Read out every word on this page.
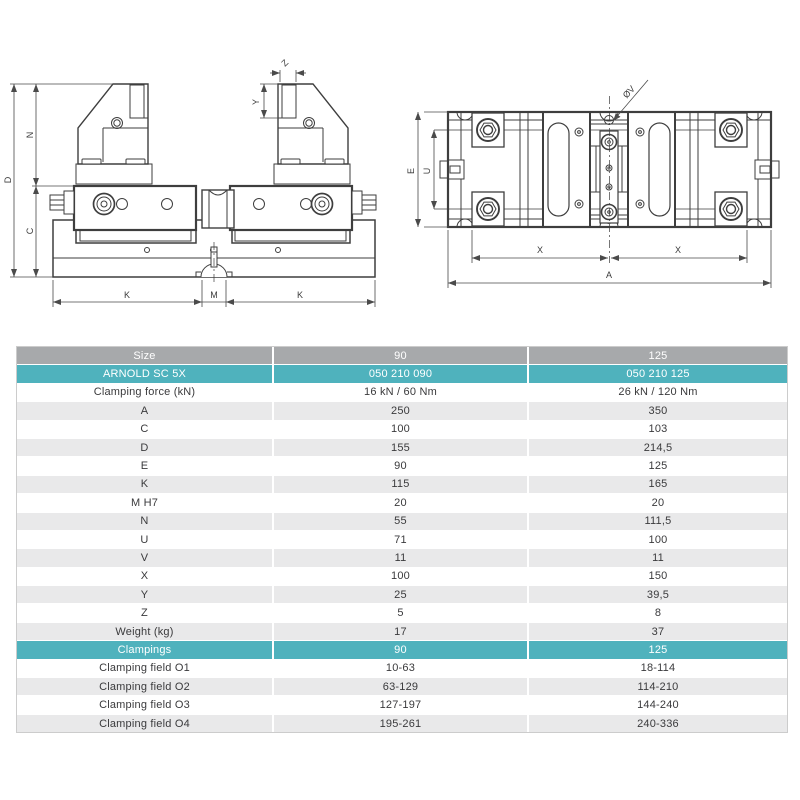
D
N
C
Z
Y
K	M	K
E U
X	X
A
ØV
Size	90	125
ARNOLD SC 5X	050 210 090	050 210 125
Clamping force (kN)	16 kN / 60 Nm	26 kN / 120 Nm
A	250	350
C	100	103
D	155	214,5
E	90	125
K	115	165
M H7	20	20
N	55	111,5
U	71	100
V	11	11
X	100	150
Y	25	39,5
Z	5	8
Weight (kg)	17	37
Clampings	90	125
Clamping field O1	10-63	18-114
Clamping field O2	63-129	114-210
Clamping field O3	127-197	144-240
Clamping field O4	195-261	240-336
